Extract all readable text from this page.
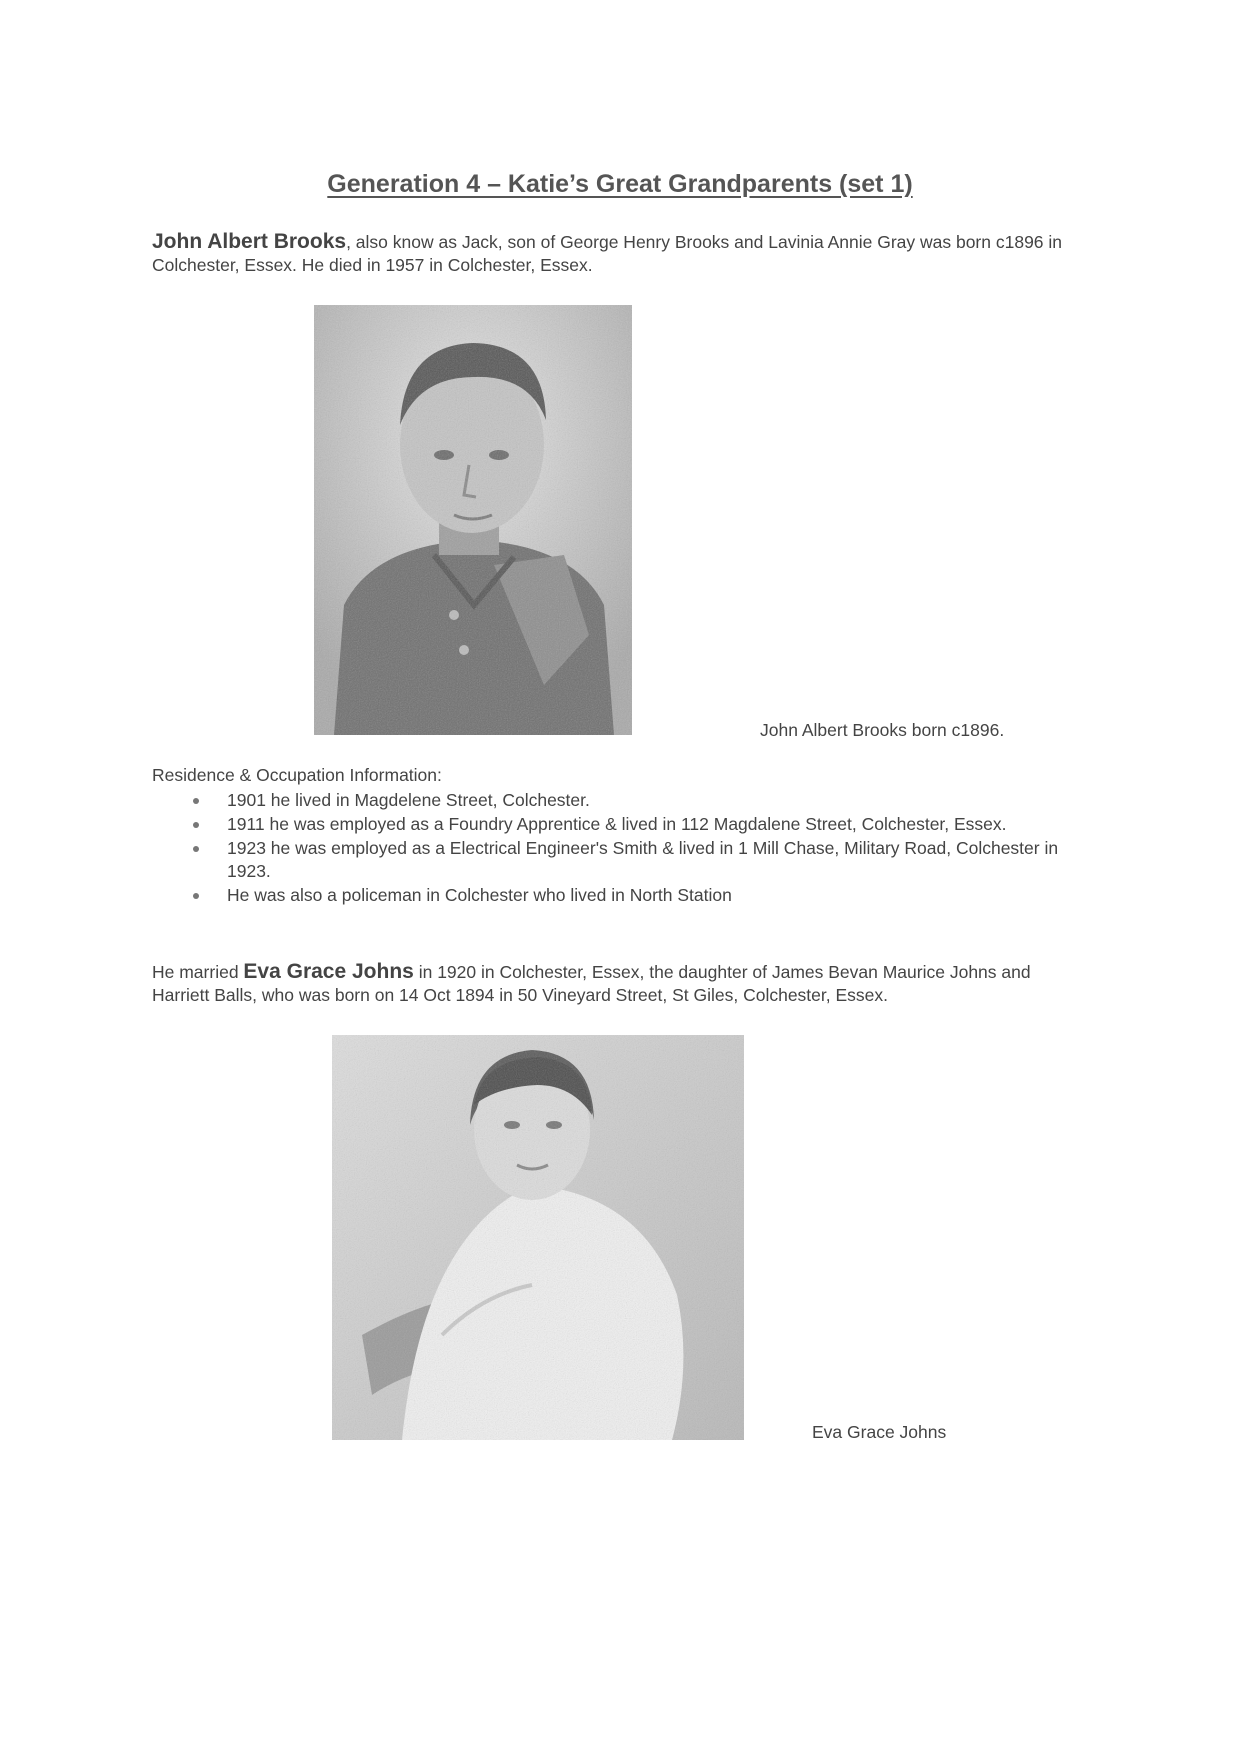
Generation 4 – Katie’s Great Grandparents (set 1)
John Albert Brooks, also know as Jack, son of George Henry Brooks and Lavinia Annie Gray was born c1896 in Colchester, Essex. He died in 1957 in Colchester, Essex.
John Albert Brooks born c1896.
Residence & Occupation Information:
1901 he lived in Magdelene Street, Colchester.
1911 he was employed as a Foundry Apprentice & lived in 112 Magdalene Street, Colchester, Essex.
1923 he was employed as a Electrical Engineer's Smith & lived in 1 Mill Chase, Military Road, Colchester in 1923.
He was also a policeman in Colchester who lived in North Station
He married Eva Grace Johns in 1920 in Colchester, Essex, the daughter of James Bevan Maurice Johns and Harriett Balls, who was born on 14 Oct 1894 in 50 Vineyard Street, St Giles, Colchester, Essex.
Eva Grace Johns
